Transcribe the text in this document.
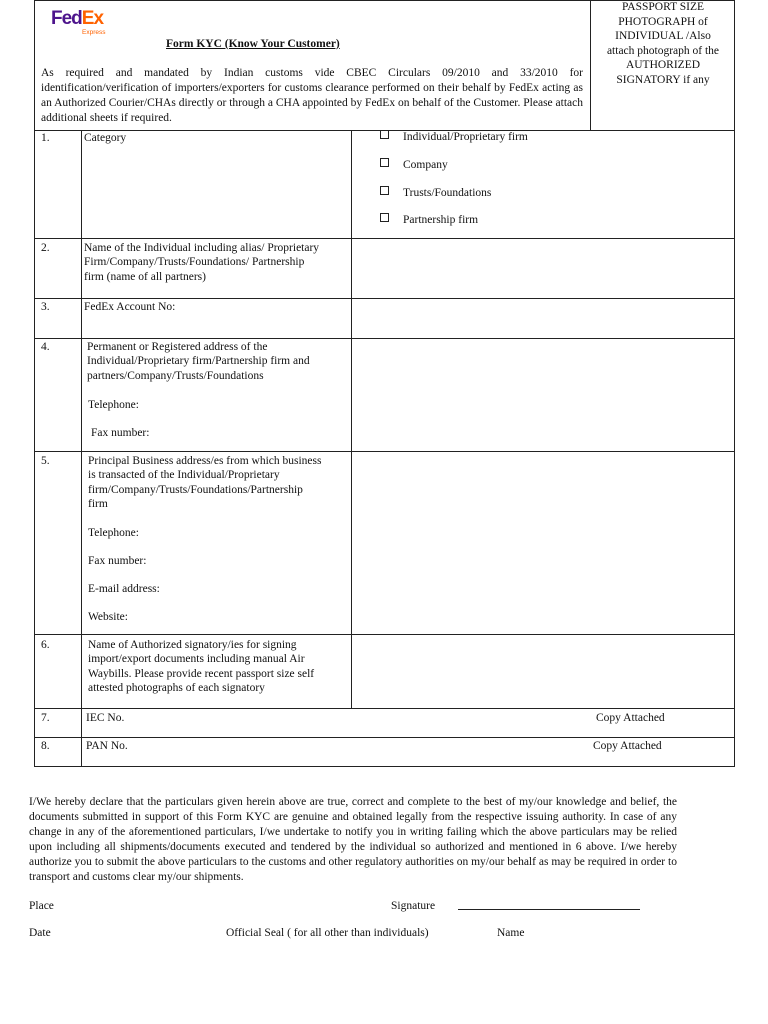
FedEx
Express
Form KYC (Know Your Customer)
As required and mandated by Indian customs vide CBEC Circulars 09/2010 and 33/2010 for identification/verification of importers/exporters for customs clearance performed on their behalf by FedEx acting as an Authorized Courier/CHAs directly or through a CHA appointed by FedEx on behalf of the Customer. Please attach additional sheets if required.
PASSPORT SIZE
PHOTOGRAPH of
INDIVIDUAL /Also
attach photograph of the
AUTHORIZED
SIGNATORY if any
1.	Category	Individual/Proprietary firm
Company
Trusts/Foundations
Partnership firm
2.	Name of the Individual including alias/ Proprietary
Firm/Company/Trusts/Foundations/ Partnership
firm (name of all partners)
3.	FedEx Account No:
4.	Permanent or Registered address of the
Individual/Proprietary firm/Partnership firm and
partners/Company/Trusts/Foundations
Telephone:
Fax number:
5.	Principal Business address/es from which business
is transacted of the Individual/Proprietary
firm/Company/Trusts/Foundations/Partnership
firm
Telephone:
Fax number:
E-mail address:
Website:
6.	Name of Authorized signatory/ies for signing
import/export documents including manual Air
Waybills. Please provide recent passport size self
attested photographs of each signatory
7.	IEC No.	Copy Attached
8.	PAN No.	Copy Attached
I/We hereby declare that the particulars given herein above are true, correct and complete to the best of my/our knowledge and belief, the documents submitted in support of this Form KYC are genuine and obtained legally from the respective issuing authority. In case of any change in any of the aforementioned particulars, I/we undertake to notify you in writing failing which the above particulars may be relied upon including all shipments/documents executed and tendered by the individual so authorized and mentioned in 6 above. I/we hereby authorize you to submit the above particulars to the customs and other regulatory authorities on my/our behalf as may be required in order to transport and customs clear my/our shipments.
Place	Signature
Date	Official Seal ( for all other than individuals)	Name
